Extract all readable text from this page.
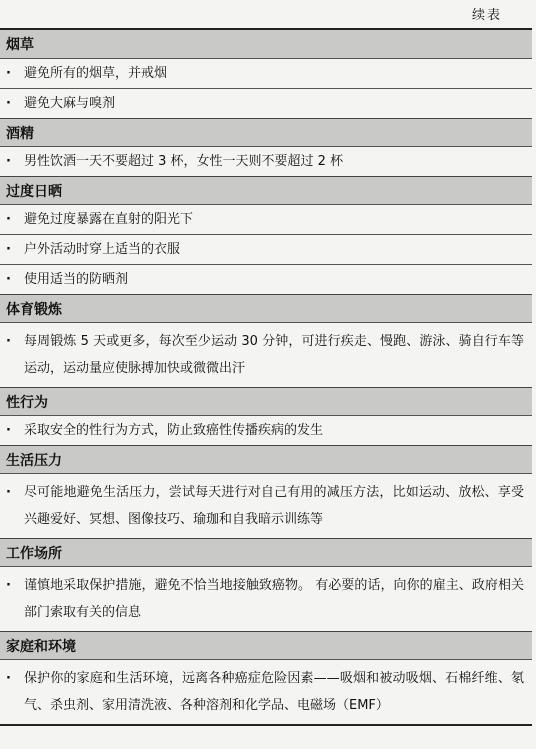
续表
烟草
·	避免所有的烟草，并戒烟
·	避免大麻与嗅剂
酒精
·	男性饮酒一天不要超过 3 杯，女性一天则不要超过 2 杯
过度日晒
·	避免过度暴露在直射的阳光下
·	户外活动时穿上适当的衣服
·	使用适当的防晒剂
体育锻炼
·	每周锻炼 5 天或更多，每次至少运动 30 分钟，可进行疾走、慢跑、游泳、骑自行车等运动，运动量应使脉搏加快或微微出汗
性行为
·	采取安全的性行为方式，防止致癌性传播疾病的发生
生活压力
·	尽可能地避免生活压力，尝试每天进行对自己有用的减压方法，比如运动、放松、享受兴趣爱好、冥想、图像技巧、瑜珈和自我暗示训练等
工作场所
·	谨慎地采取保护措施，避免不恰当地接触致癌物。 有必要的话，向你的雇主、政府相关部门索取有关的信息
家庭和环境
·	保护你的家庭和生活环境，远离各种癌症危险因素——吸烟和被动吸烟、石棉纤维、氡气、杀虫剂、家用清洗液、各种溶剂和化学品、电磁场（EMF）
